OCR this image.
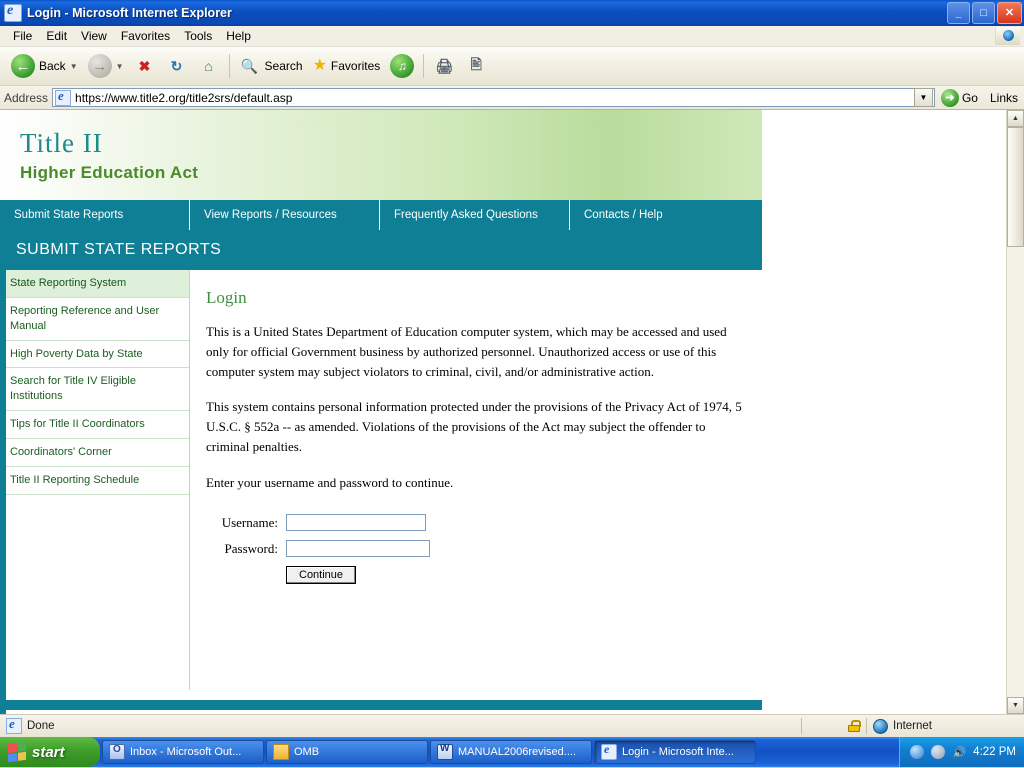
e
Login - Microsoft Internet Explorer	_	□	✕
File	Edit	View	Favorites	Tools	Help
← Back ▼ →	▼	✖	↻	⌂	🔍 Search ★ Favorites	♫	🖨	🖹
Address e https://www.title2.org/title2srs/default.asp	▼	➔ Go	Links
Title II
Higher Education Act
Submit State Reports	View Reports / Resources	Frequently Asked Questions	Contacts / Help
SUBMIT STATE REPORTS
State Reporting System
Reporting Reference and User Manual
High Poverty Data by State
Search for Title IV Eligible Institutions
Tips for Title II Coordinators
Coordinators' Corner
Title II Reporting Schedule
Login

This is a United States Department of Education computer system, which may be accessed and used only for official Government business by authorized personnel. Unauthorized access or use of this computer system may subject violators to criminal, civil, and/or administrative action.

This system contains personal information protected under the provisions of the Privacy Act of 1974, 5 U.S.C. § 552a -- as amended. Violations of the provisions of the Act may subject the offender to criminal penalties.

Enter your username and password to continue.

Username:
Password:
Continue
▲
▼
e
Done	Internet
start O	Inbox - Microsoft Out...	OMB W	MANUAL2006revised.... e	Login - Microsoft Inte...	🔊 4:22 PM
